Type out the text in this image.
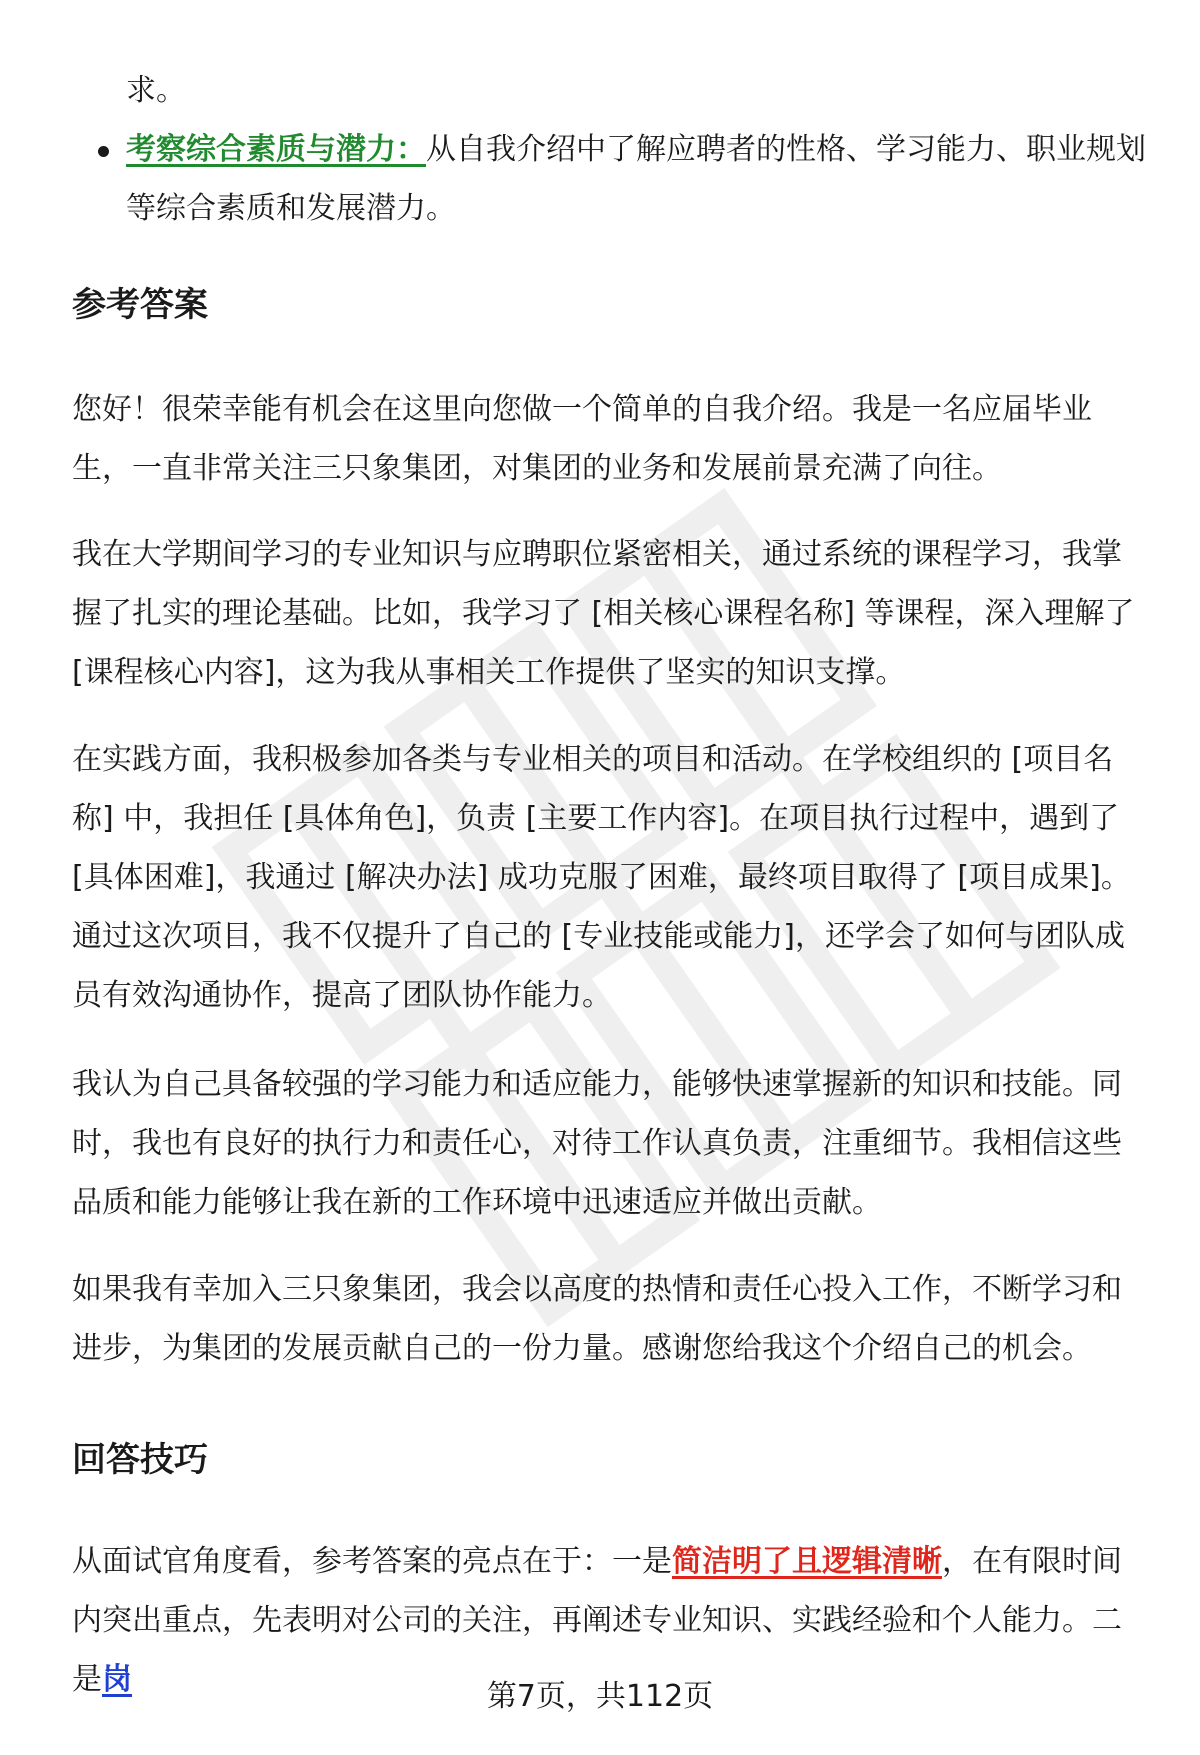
求。

考察综合素质与潜力：从自我介绍中了解应聘者的性格、学习能力、职业规划等综合素质和发展潜力。

参考答案

您好！很荣幸能有机会在这里向您做一个简单的自我介绍。我是一名应届毕业生，一直非常关注三只象集团，对集团的业务和发展前景充满了向往。

我在大学期间学习的专业知识与应聘职位紧密相关，通过系统的课程学习，我掌握了扎实的理论基础。比如，我学习了 [相关核心课程名称] 等课程，深入理解了 [课程核心内容]，这为我从事相关工作提供了坚实的知识支撑。

在实践方面，我积极参加各类与专业相关的项目和活动。在学校组织的 [项目名称] 中，我担任 [具体角色]，负责 [主要工作内容]。在项目执行过程中，遇到了 [具体困难]，我通过 [解决办法] 成功克服了困难，最终项目取得了 [项目成果]。通过这次项目，我不仅提升了自己的 [专业技能或能力]，还学会了如何与团队成员有效沟通协作，提高了团队协作能力。

我认为自己具备较强的学习能力和适应能力，能够快速掌握新的知识和技能。同时，我也有良好的执行力和责任心，对待工作认真负责，注重细节。我相信这些品质和能力能够让我在新的工作环境中迅速适应并做出贡献。

如果我有幸加入三只象集团，我会以高度的热情和责任心投入工作，不断学习和进步，为集团的发展贡献自己的一份力量。感谢您给我这个介绍自己的机会。

回答技巧

从面试官角度看，参考答案的亮点在于：一是简洁明了且逻辑清晰，在有限时间内突出重点，先表明对公司的关注，再阐述专业知识、实践经验和个人能力。二是岗	第7页，共112页
